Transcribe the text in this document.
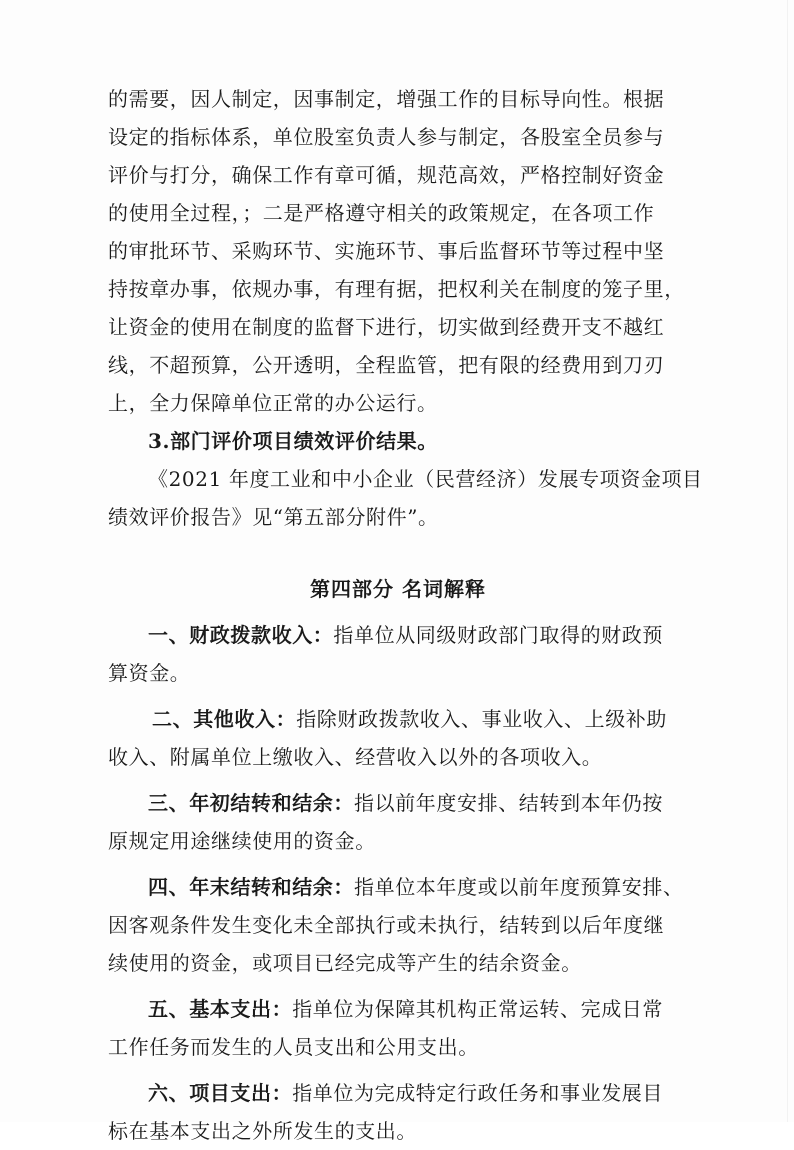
的需要，因人制定，因事制定，增强工作的目标导向性。根据
设定的指标体系，单位股室负责人参与制定，各股室全员参与
评价与打分，确保工作有章可循，规范高效，严格控制好资金
的使用全过程，；二是严格遵守相关的政策规定，在各项工作
的审批环节、采购环节、实施环节、事后监督环节等过程中坚
持按章办事，依规办事，有理有据，把权利关在制度的笼子里，
让资金的使用在制度的监督下进行，切实做到经费开支不越红
线，不超预算，公开透明，全程监管，把有限的经费用到刀刃
上，全力保障单位正常的办公运行。
3.部门评价项目绩效评价结果。
《2021 年度工业和中小企业（民营经济）发展专项资金项目
绩效评价报告》见“第五部分附件”。
第四部分 名词解释
一、财政拨款收入：指单位从同级财政部门取得的财政预
算资金。
二、其他收入：指除财政拨款收入、事业收入、上级补助
收入、附属单位上缴收入、经营收入以外的各项收入。
三、年初结转和结余：指以前年度安排、结转到本年仍按
原规定用途继续使用的资金。
四、年末结转和结余：指单位本年度或以前年度预算安排、
因客观条件发生变化未全部执行或未执行，结转到以后年度继
续使用的资金，或项目已经完成等产生的结余资金。
五、基本支出：指单位为保障其机构正常运转、完成日常
工作任务而发生的人员支出和公用支出。
六、项目支出：指单位为完成特定行政任务和事业发展目
标在基本支出之外所发生的支出。
